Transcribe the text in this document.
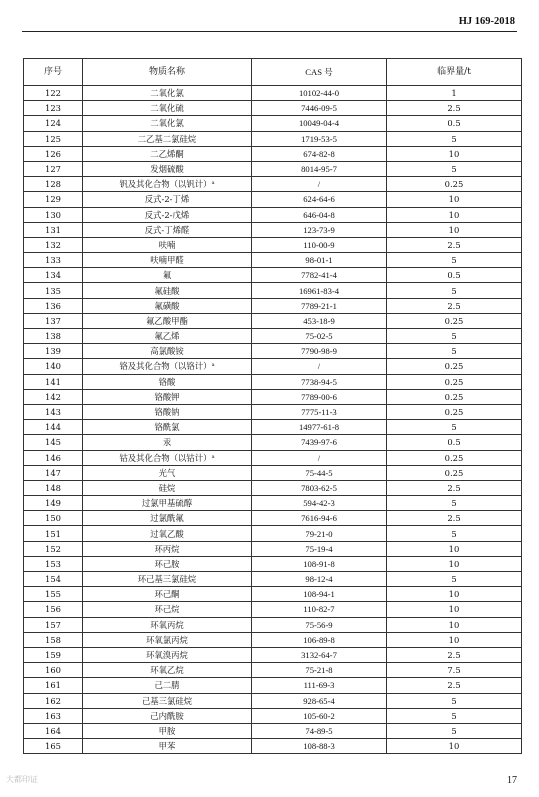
HJ 169-2018
序号	物质名称	CAS 号	临界量/t
122	二氧化氯	10102-44-0	1
123	二氧化硫	7446-09-5	2.5
124	二氧化氯	10049-04-4	0.5
125	二乙基二氯硅烷	1719-53-5	5
126	二乙烯酮	674-82-8	10
127	发烟硫酸	8014-95-7	5
128	钒及其化合物（以钒计）$^a$	/	0.25
129	反式-2-丁烯	624-64-6	10
130	反式-2-戊烯	646-04-8	10
131	反式-丁烯醛	123-73-9	10
132	呋喃	110-00-9	2.5
133	呋喃甲醛	98-01-1	5
134	氟	7782-41-4	0.5
135	氟硅酸	16961-83-4	5
136	氟磺酸	7789-21-1	2.5
137	氟乙酸甲酯	453-18-9	0.25
138	氟乙烯	75-02-5	5
139	高氯酸铵	7790-98-9	5
140	铬及其化合物（以铬计）$^a$	/	0.25
141	铬酸	7738-94-5	0.25
142	铬酸钾	7789-00-6	0.25
143	铬酸钠	7775-11-3	0.25
144	铬酰氯	14977-61-8	5
145	汞	7439-97-6	0.5
146	钴及其化合物（以钴计）$^a$	/	0.25
147	光气	75-44-5	0.25
148	硅烷	7803-62-5	2.5
149	过氯甲基硫醇	594-42-3	5
150	过氯酰氟	7616-94-6	2.5
151	过氧乙酸	79-21-0	5
152	环丙烷	75-19-4	10
153	环己胺	108-91-8	10
154	环己基三氯硅烷	98-12-4	5
155	环己酮	108-94-1	10
156	环己烷	110-82-7	10
157	环氧丙烷	75-56-9	10
158	环氧氯丙烷	106-89-8	10
159	环氧溴丙烷	3132-64-7	2.5
160	环氧乙烷	75-21-8	7.5
161	己二腈	111-69-3	2.5
162	己基三氯硅烷	928-65-4	5
163	己内酰胺	105-60-2	5
164	甲胺	74-89-5	5
165	甲苯	108-88-3	10
大都印证	17
